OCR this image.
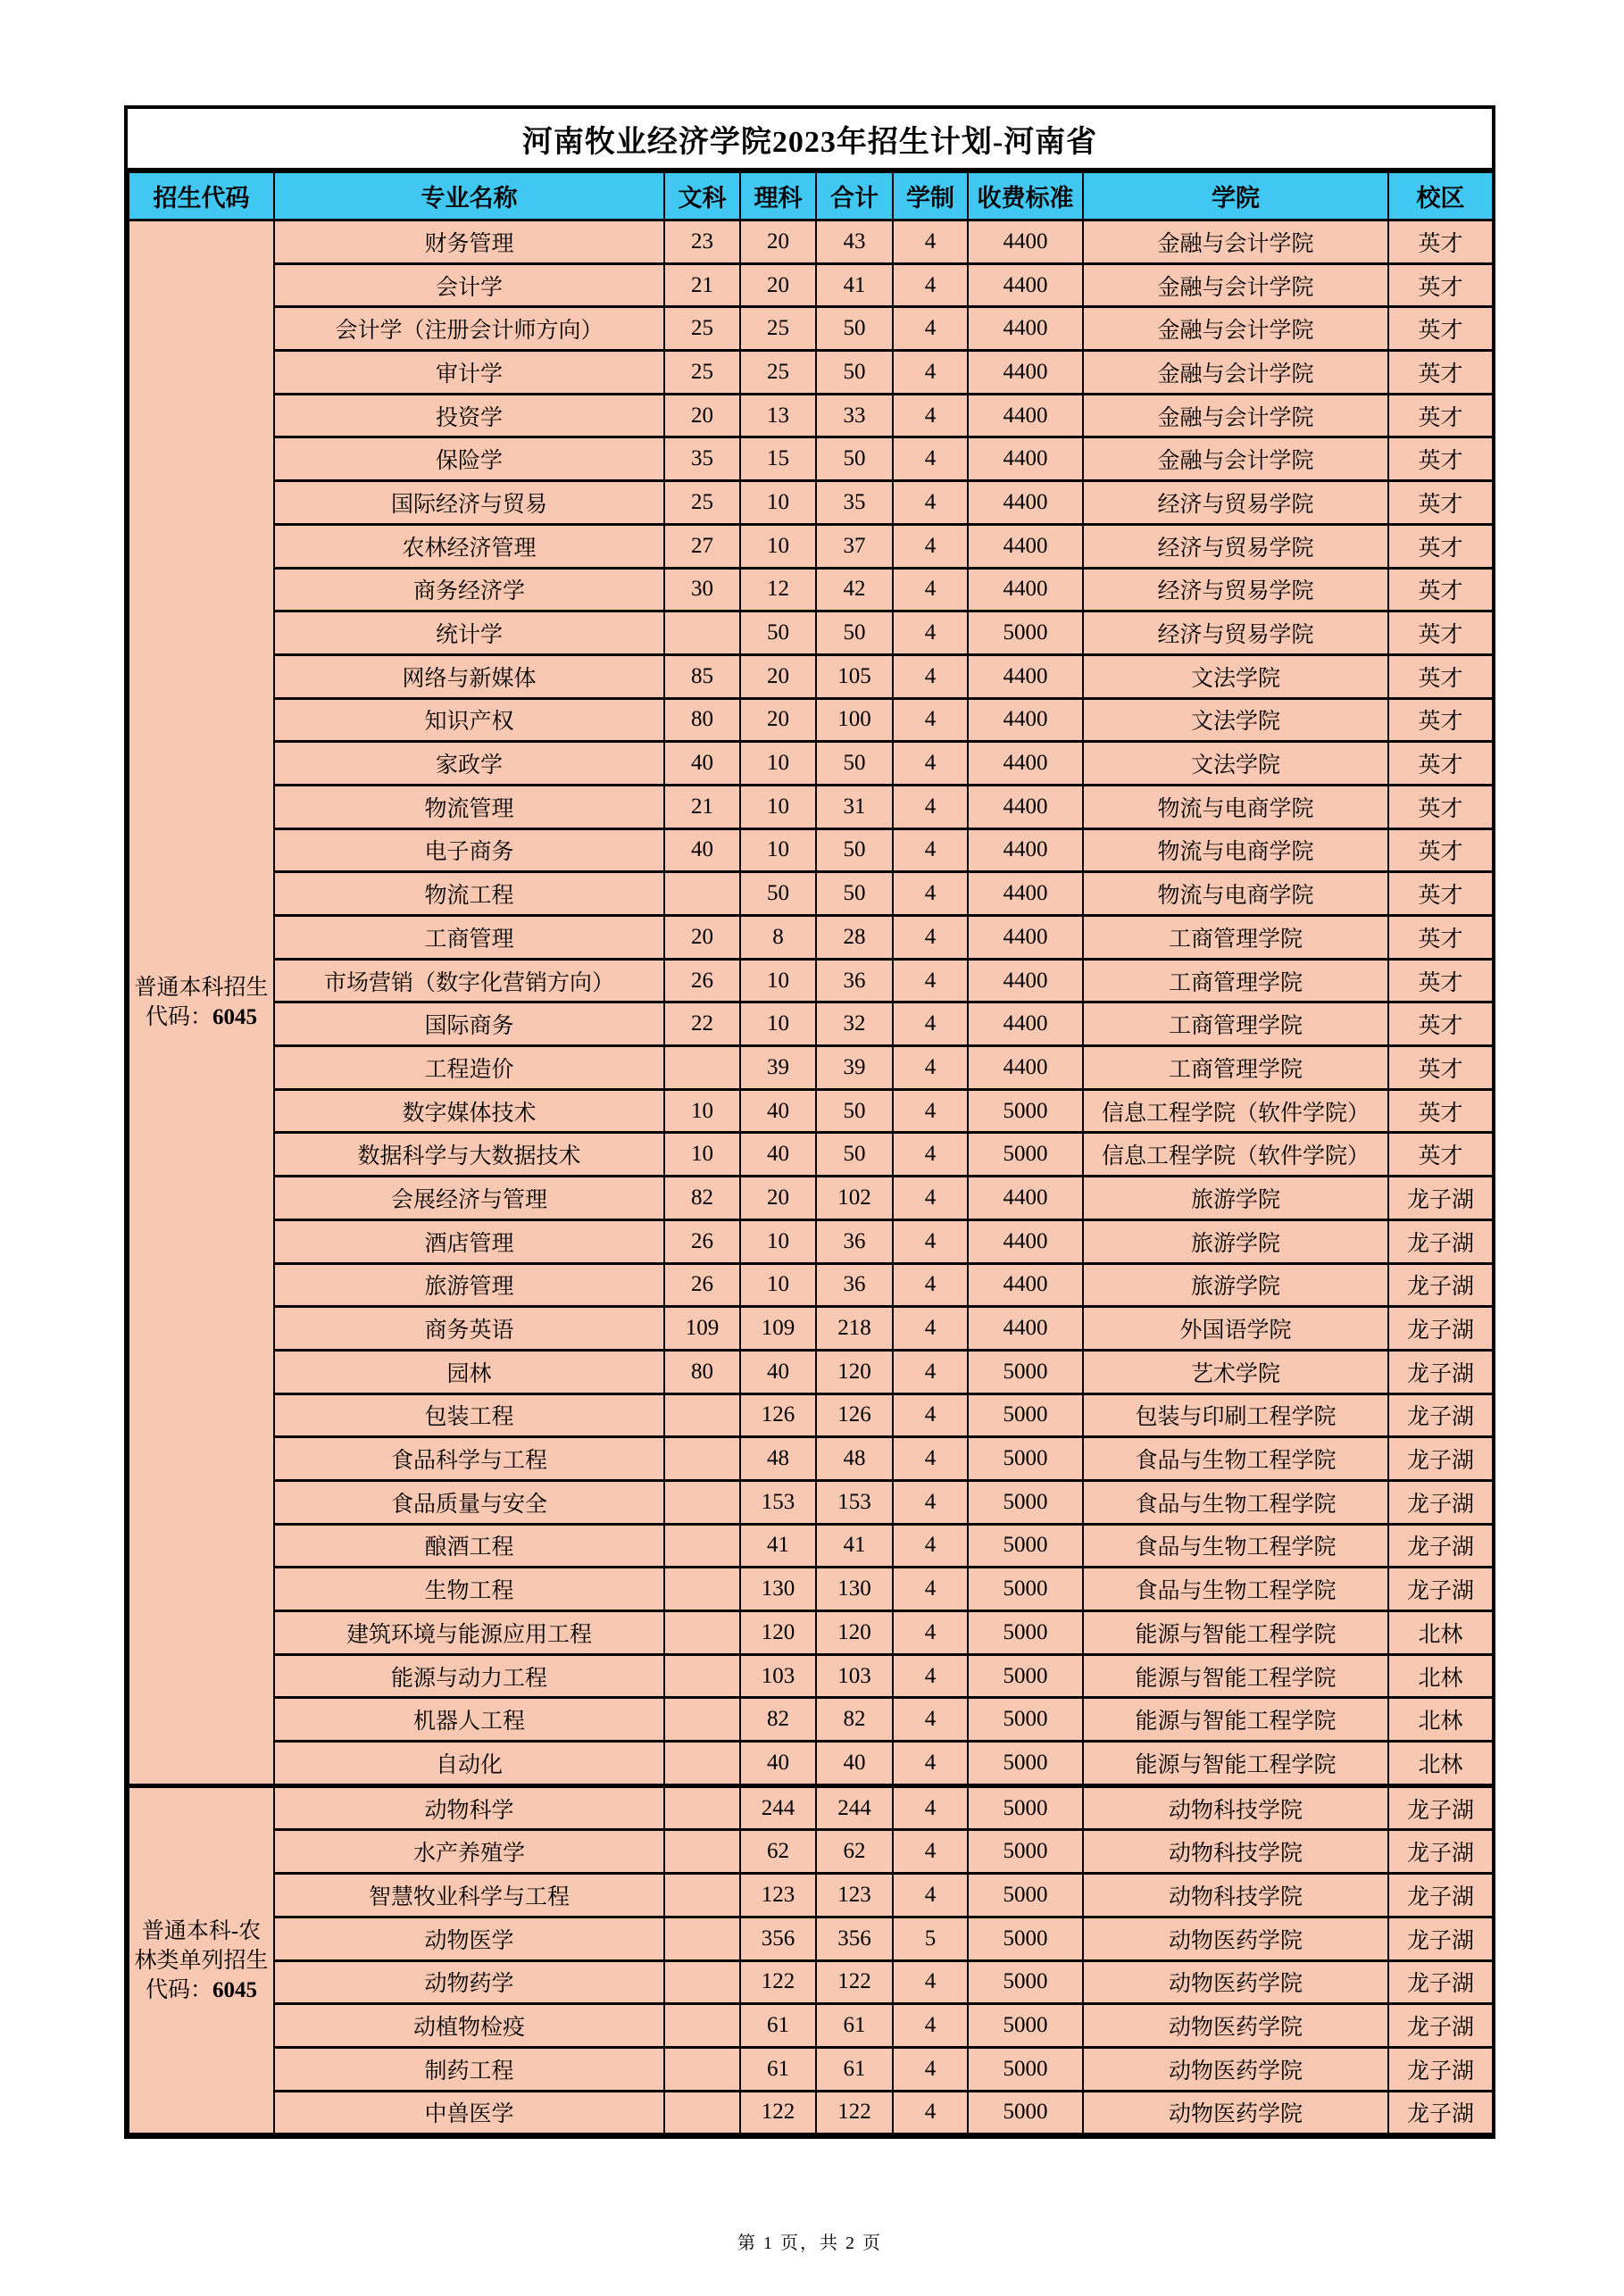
河南牧业经济学院2023年招生计划-河南省
招生代码	专业名称	文科	理科	合计	学制	收费标准	学院	校区

普通本科招生
代码：6045	财务管理	23	20	43	4	4400	金融与会计学院	英才
	会计学	21	20	41	4	4400	金融与会计学院	英才
	会计学（注册会计师方向）	25	25	50	4	4400	金融与会计学院	英才
	审计学	25	25	50	4	4400	金融与会计学院	英才
	投资学	20	13	33	4	4400	金融与会计学院	英才
	保险学	35	15	50	4	4400	金融与会计学院	英才
	国际经济与贸易	25	10	35	4	4400	经济与贸易学院	英才
	农林经济管理	27	10	37	4	4400	经济与贸易学院	英才
	商务经济学	30	12	42	4	4400	经济与贸易学院	英才
	统计学		50	50	4	5000	经济与贸易学院	英才
	网络与新媒体	85	20	105	4	4400	文法学院	英才
	知识产权	80	20	100	4	4400	文法学院	英才
	家政学	40	10	50	4	4400	文法学院	英才
	物流管理	21	10	31	4	4400	物流与电商学院	英才
	电子商务	40	10	50	4	4400	物流与电商学院	英才
	物流工程		50	50	4	4400	物流与电商学院	英才
	工商管理	20	8	28	4	4400	工商管理学院	英才
	市场营销（数字化营销方向）	26	10	36	4	4400	工商管理学院	英才
	国际商务	22	10	32	4	4400	工商管理学院	英才
	工程造价		39	39	4	4400	工商管理学院	英才
	数字媒体技术	10	40	50	4	5000	信息工程学院（软件学院）	英才
	数据科学与大数据技术	10	40	50	4	5000	信息工程学院（软件学院）	英才
	会展经济与管理	82	20	102	4	4400	旅游学院	龙子湖
	酒店管理	26	10	36	4	4400	旅游学院	龙子湖
	旅游管理	26	10	36	4	4400	旅游学院	龙子湖
	商务英语	109	109	218	4	4400	外国语学院	龙子湖
	园林	80	40	120	4	5000	艺术学院	龙子湖
	包装工程		126	126	4	5000	包装与印刷工程学院	龙子湖
	食品科学与工程		48	48	4	5000	食品与生物工程学院	龙子湖
	食品质量与安全		153	153	4	5000	食品与生物工程学院	龙子湖
	酿酒工程		41	41	4	5000	食品与生物工程学院	龙子湖
	生物工程		130	130	4	5000	食品与生物工程学院	龙子湖
	建筑环境与能源应用工程		120	120	4	5000	能源与智能工程学院	北林
	能源与动力工程		103	103	4	5000	能源与智能工程学院	北林
	机器人工程		82	82	4	5000	能源与智能工程学院	北林
	自动化		40	40	4	5000	能源与智能工程学院	北林

普通本科-农林类单列招生
代码：6045	动物科学		244	244	4	5000	动物科技学院	龙子湖
	水产养殖学		62	62	4	5000	动物科技学院	龙子湖
	智慧牧业科学与工程		123	123	4	5000	动物科技学院	龙子湖
	动物医学		356	356	5	5000	动物医药学院	龙子湖
	动物药学		122	122	4	5000	动物医药学院	龙子湖
	动植物检疫		61	61	4	5000	动物医药学院	龙子湖
	制药工程		61	61	4	5000	动物医药学院	龙子湖
	中兽医学		122	122	4	5000	动物医药学院	龙子湖
第 1 页，共 2 页
